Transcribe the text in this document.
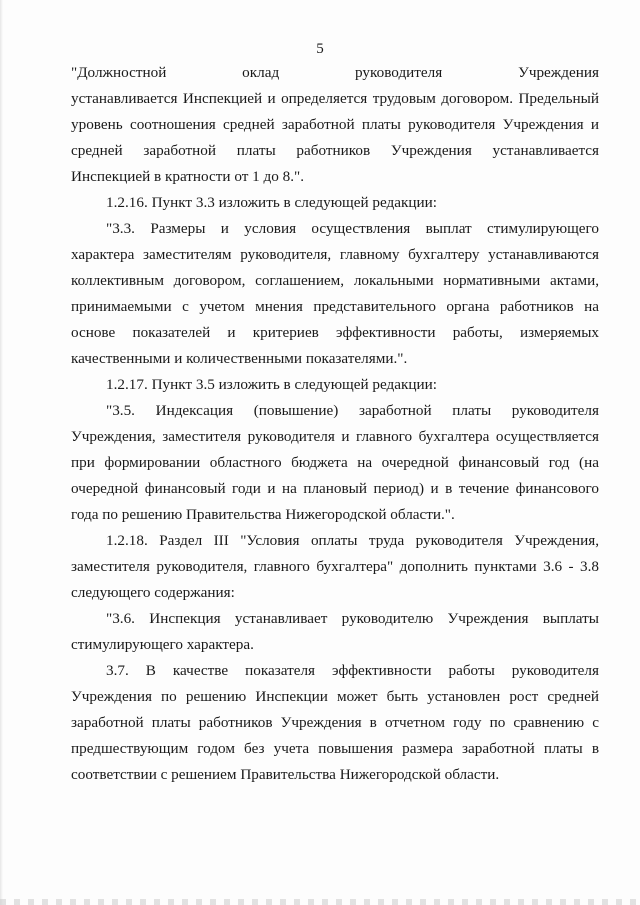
5
"Должностной оклад руководителя Учреждения
устанавливается Инспекцией и определяется трудовым договором. Предельный
уровень соотношения средней заработной платы руководителя Учреждения и
средней заработной платы работников Учреждения устанавливается
Инспекцией в кратности от 1 до 8.".
1.2.16. Пункт 3.3 изложить в следующей редакции:
"3.3. Размеры и условия осуществления выплат стимулирующего
характера заместителям руководителя, главному бухгалтеру устанавливаются
коллективным договором, соглашением, локальными нормативными актами,
принимаемыми с учетом мнения представительного органа работников на
основе показателей и критериев эффективности работы, измеряемых
качественными и количественными показателями.".
1.2.17. Пункт 3.5 изложить в следующей редакции:
"3.5. Индексация (повышение) заработной платы руководителя
Учреждения, заместителя руководителя и главного бухгалтера осуществляется
при формировании областного бюджета на очередной финансовый год (на
очередной финансовый годи и на плановый период) и в течение финансового
года по решению Правительства Нижегородской области.".
1.2.18. Раздел III "Условия оплаты труда руководителя Учреждения,
заместителя руководителя, главного бухгалтера" дополнить пунктами 3.6 - 3.8
следующего содержания:
"3.6. Инспекция устанавливает руководителю Учреждения выплаты
стимулирующего характера.
3.7. В качестве показателя эффективности работы руководителя
Учреждения по решению Инспекции может быть установлен рост средней
заработной платы работников Учреждения в отчетном году по сравнению с
предшествующим годом без учета повышения размера заработной платы в
соответствии с решением Правительства Нижегородской области.
